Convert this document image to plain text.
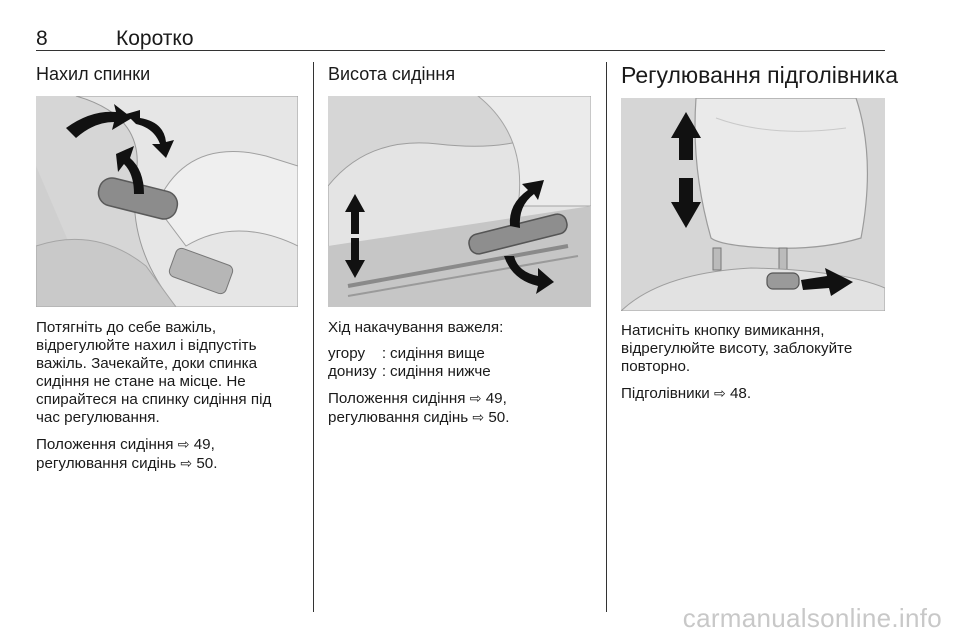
8	Коротко
Нахил спинки

Потягніть до себе важіль,
відрегулюйте нахил і відпустіть
важіль. Зачекайте, доки спинка
сидіння не стане на місце. Не
спирайтеся на спинку сидіння під
час регулювання.

Положення сидіння ⇨ 49,
регулювання сидінь ⇨ 50.

Висота сидіння

Хід накачування важеля:

угору	:	сидіння вище
донизу	:	сидіння нижче

Положення сидіння ⇨ 49,
регулювання сидінь ⇨ 50.

Регулювання підголівника

Натисніть кнопку вимикання,
відрегулюйте висоту, заблокуйте
повторно.

Підголівники ⇨ 48.

carmanualsonline.info
